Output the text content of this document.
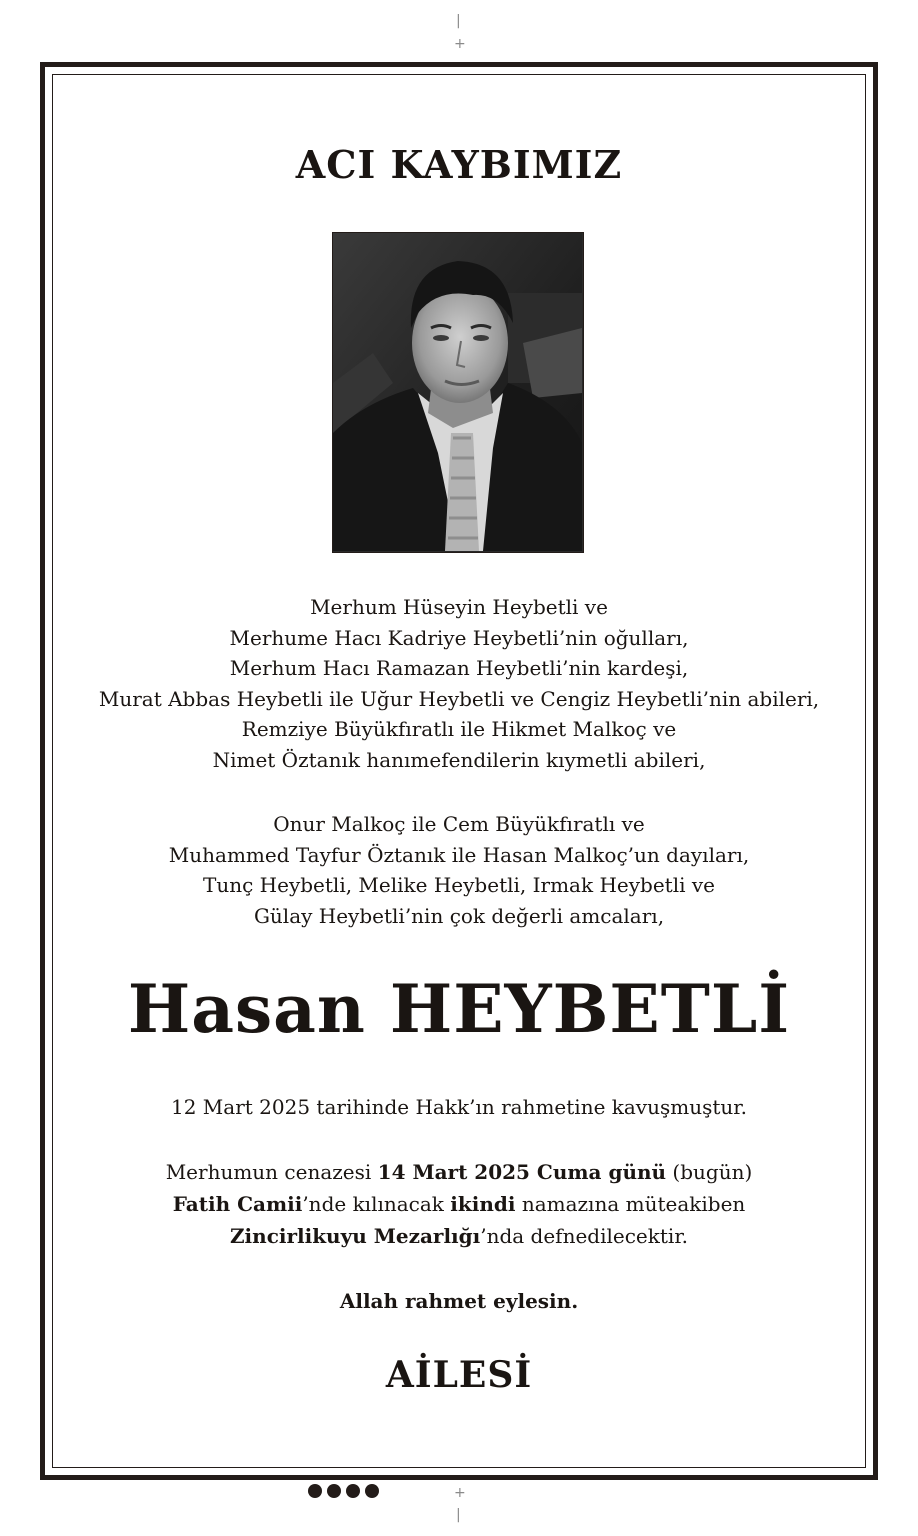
|
+
+
|
ACI KAYBIMIZ
Merhum Hüseyin Heybetli ve
Merhume Hacı Kadriye Heybetli’nin oğulları,
Merhum Hacı Ramazan Heybetli’nin kardeşi,
Murat Abbas Heybetli ile Uğur Heybetli ve Cengiz Heybetli’nin abileri,
Remziye Büyükfıratlı ile Hikmet Malkoç ve
Nimet Öztanık hanımefendilerin kıymetli abileri,
Onur Malkoç ile Cem Büyükfıratlı ve
Muhammed Tayfur Öztanık ile Hasan Malkoç’un dayıları,
Tunç Heybetli, Melike Heybetli, Irmak Heybetli ve
Gülay Heybetli’nin çok değerli amcaları,
Hasan HEYBETLİ

12 Mart 2025 tarihinde Hakk’ın rahmetine kavuşmuştur.

Merhumun cenazesi 14 Mart 2025 Cuma günü (bugün)
Fatih Camii’nde kılınacak ikindi namazına müteakiben
Zincirlikuyu Mezarlığı’nda defnedilecektir.

Allah rahmet eylesin.

AİLESİ
